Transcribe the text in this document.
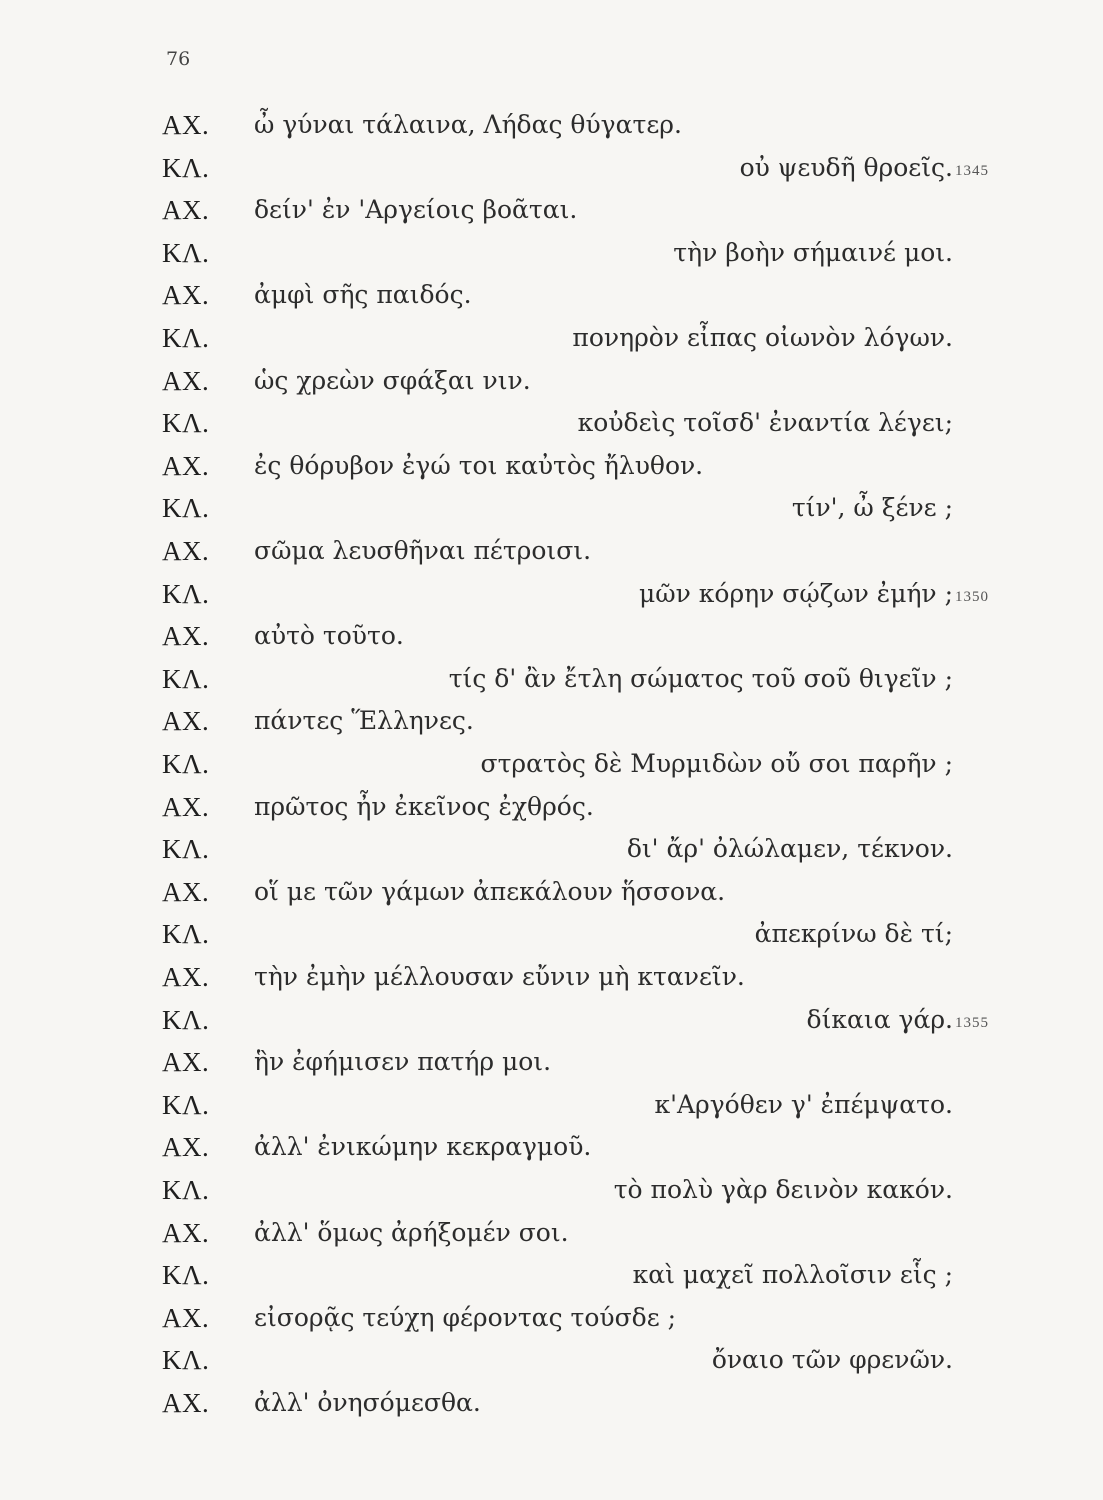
76
ΑΧ. ὦ γύναι τάλαινα, Λήδας θύγατερ.
ΚΛ.	οὐ ψευδῆ θροεῖς. 1345
ΑΧ. δείν' ἐν 'Αργείοις βοᾶται.
ΚΛ.	τὴν βοὴν σήμαινέ μοι.
ΑΧ. ἀμφὶ σῆς παιδός.
ΚΛ.	πονηρὸν εἶπας οἰωνὸν λόγων.
ΑΧ. ὡς χρεὼν σφάξαι νιν.
ΚΛ.	κοὐδεὶς τοῖσδ' ἐναντία λέγει;
ΑΧ. ἐς θόρυβον ἐγώ τοι καὐτὸς ἤλυθον.
ΚΛ.	τίν', ὦ ξένε ;
ΑΧ. σῶμα λευσθῆναι πέτροισι.
ΚΛ.	μῶν κόρην σῴζων ἐμήν ; 1350
ΑΧ. αὐτὸ τοῦτο.
ΚΛ.	τίς δ' ἂν ἔτλη σώματος τοῦ σοῦ θιγεῖν ;
ΑΧ. πάντες Ἕλληνες.
ΚΛ.	στρατὸς δὲ Μυρμιδὼν οὔ σοι παρῆν ;
ΑΧ. πρῶτος ἦν ἐκεῖνος ἐχθρός.
ΚΛ.	δι' ἄρ' ὀλώλαμεν, τέκνον.
ΑΧ. οἵ με τῶν γάμων ἀπεκάλουν ἥσσονα.
ΚΛ.	ἀπεκρίνω δὲ τί;
ΑΧ. τὴν ἐμὴν μέλλουσαν εὔνιν μὴ κτανεῖν.
ΚΛ.	δίκαια γάρ. 1355
ΑΧ. ἣν ἐφήμισεν πατήρ μοι.
ΚΛ.	κ'Αργόθεν γ' ἐπέμψατο.
ΑΧ. ἀλλ' ἐνικώμην κεκραγμοῦ.
ΚΛ.	τὸ πολὺ γὰρ δεινὸν κακόν.
ΑΧ. ἀλλ' ὅμως ἀρήξομέν σοι.
ΚΛ.	καὶ μαχεῖ πολλοῖσιν εἷς ;
ΑΧ. εἰσορᾷς τεύχη φέροντας τούσδε ;
ΚΛ.	ὄναιο τῶν φρενῶν.
ΑΧ. ἀλλ' ὀνησόμεσθα.
